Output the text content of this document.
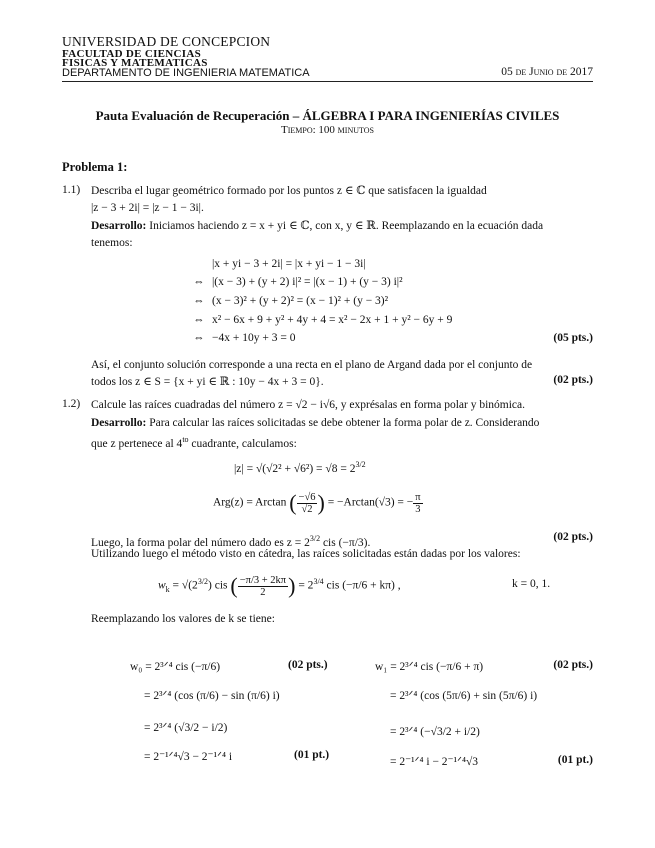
UNIVERSIDAD DE CONCEPCION
FACULTAD DE CIENCIAS
FISICAS Y MATEMATICAS
DEPARTAMENTO DE INGENIERIA MATEMATICA	05 de Junio de 2017
Pauta Evaluación de Recuperación – ÁLGEBRA I PARA INGENIERÍAS CIVILES
Tiempo: 100 minutos
Problema 1:
1.1) Describa el lugar geométrico formado por los puntos z ∈ ℂ que satisfacen la igualdad
|z − 3 + 2i| = |z − 1 − 3i|.
Desarrollo: Iniciamos haciendo z = x + yi ∈ ℂ, con x, y ∈ ℝ. Reemplazando en la ecuación dada
tenemos:
|x + yi − 3 + 2i| = |x + yi − 1 − 3i|
⇔ |(x − 3) + (y + 2) i|² = |(x − 1) + (y − 3) i|²
⇔ (x − 3)² + (y + 2)² = (x − 1)² + (y − 3)²
⇔ x² − 6x + 9 + y² + 4y + 4 = x² − 2x + 1 + y² − 6y + 9
⇔ −4x + 10y + 3 = 0	(05 pts.)
Así, el conjunto solución corresponde a una recta en el plano de Argand dada por el conjunto de
todos los z ∈ S = {x + yi ∈ ℝ : 10y − 4x + 3 = 0}.	(02 pts.)
1.2) Calcule las raíces cuadradas del número z = √2 − i√6, y exprésalas en forma polar y binómica.
Desarrollo: Para calcular las raíces solicitadas se debe obtener la forma polar de z. Considerando
que z pertenece al $4^{to}$ cuadrante, calculamos:
$|z| = √(√2^2 + √6^2) = √8 = 2^{3/2}$
Arg(z) = Arctan ( $\frac{-√6}{√2}$ ) = −Arctan(√3) = − $\frac{\pi}{3}$
Luego, la forma polar del número dado es $z = 2^{3/2}$ cis (−π/3).	(02 pts.)
Utilizando luego el método visto en cátedra, las raíces solicitadas están dadas por los valores:
$w_k = √(2^{3/2})$ cis ( $\frac{-\pi/3 + 2k\pi}{2}$ ) = $2^{3/4}$ cis (−π/6 + kπ) ,	k = 0, 1.
Reemplazando los valores de k se tiene:
w₀ = 2³ᐟ⁴ cis (−π/6)	(02 pts.)
= 2³ᐟ⁴ (cos (π/6) − sin (π/6) i)
= 2³ᐟ⁴ (√3/2 − i/2)
= 2⁻¹ᐟ⁴√3 − 2⁻¹ᐟ⁴ i	(01 pt.)
w₁ = 2³ᐟ⁴ cis (−π/6 + π)	(02 pts.)
= 2³ᐟ⁴ (cos (5π/6) + sin (5π/6) i)
= 2³ᐟ⁴ (−√3/2 + i/2)
= 2⁻¹ᐟ⁴ i − 2⁻¹ᐟ⁴√3	(01 pt.)
